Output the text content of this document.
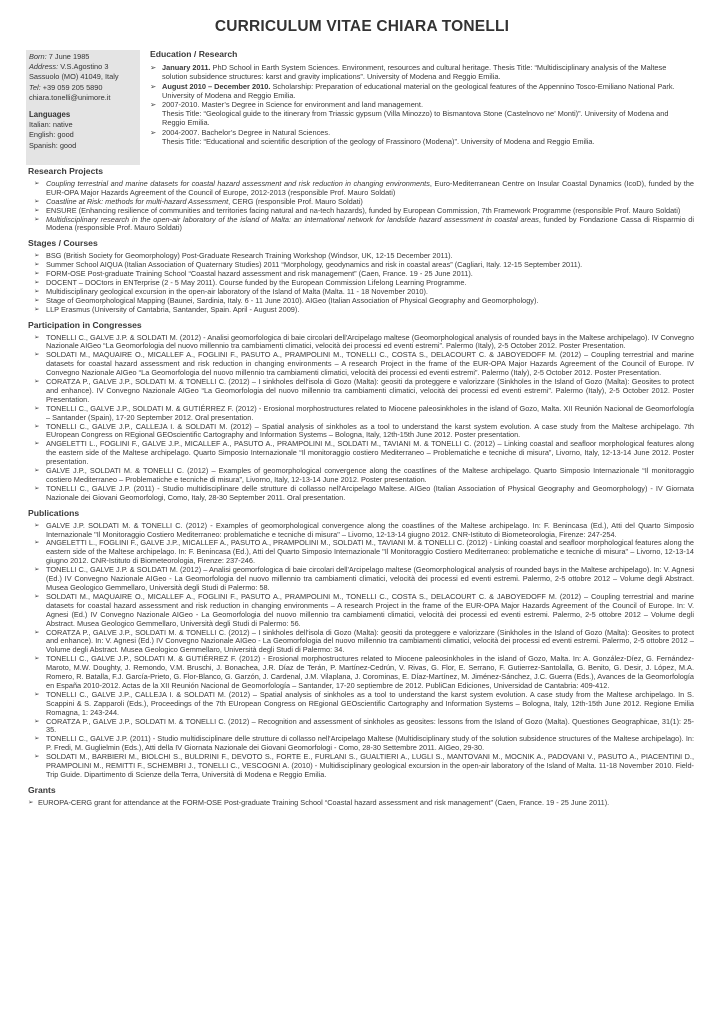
CURRICULUM VITAE CHIARA TONELLI
Born: 7 June 1985
Address: V.S.Agostino 3
Sassuolo (MO) 41049, Italy
Tel: +39 059 205 5890
chiara.tonelli@unimore.it
Languages
Italian: native
English: good
Spanish: good
Education / Research
➢ January 2011. PhD School in Earth System Sciences. Environment, resources and cultural heritage. Thesis Title: “Multidisciplinary analysis of the Maltese solution subsidence structures: karst and gravity implications”. University of Modena and Reggio Emilia.
➢ August 2010 – December 2010. Scholarship: Preparation of educational material on the geological features of the Appennino Tosco-Emiliano National Park. University of Modena and Reggio Emilia.
➢ 2007-2010. Master’s Degree in Science for environment and land management.
Thesis Title: “Geological guide to the itinerary from Triassic gypsum (Villa Minozzo) to Bismantova Stone (Castelnovo ne’ Monti)”. University of Modena and Reggio Emilia.
➢ 2004-2007. Bachelor’s Degree in Natural Sciences.
Thesis Title: “Educational and scientific description of the geology of Frassinoro (Modena)”. University of Modena and Reggio Emilia.
Research Projects
➢ Coupling terrestrial and marine datasets for coastal hazard assessment and risk reduction in changing environments, Euro-Mediterranean Centre on Insular Coastal Dynamics (IcoD), funded by the EUR-OPA Major Hazards Agreement of the Council of Europe, 2012-2013 (responsible Prof. Mauro Soldati)
➢ Coastline at Risk: methods for multi-hazard Assessment, CERG (responsible Prof. Mauro Soldati)
➢ ENSURE (Enhancing resilience of communities and territories facing natural and na-tech hazards), funded by European Commission, 7th Framework Programme (responsible Prof. Mauro Soldati)
➢ Multidisciplinary research in the open-air laboratory of the island of Malta: an international network for landslide hazard assessment in coastal areas, funded by Fondazione Cassa di Risparmio di Modena (responsible Prof. Mauro Soldati)
Stages / Courses
➢ BSG (British Society for Geomorphology) Post-Graduate Research Training Workshop (Windsor, UK, 12-15 December 2011).
➢ Summer School AIQUA (Italian Association of Quaternary Studies) 2011 “Morphology, geodynamics and risk in coastal areas” (Cagliari, Italy. 12-15 September 2011).
➢ FORM-OSE Post-graduate Training School “Coastal hazard assessment and risk management” (Caen, France. 19 - 25 June 2011).
➢ DOCENT – DOCtors in ENTerprise (2 - 5 May 2011). Course funded by the European Commission Lifelong Learning Programme.
➢ Multidisciplinary geological excursion in the open-air laboratory of the Island of Malta (Malta. 11 - 18 November 2010).
➢ Stage of Geomorphological Mapping (Baunei, Sardinia, Italy. 6 - 11 June 2010). AIGeo (Italian Association of Physical Geography and Geomorphology).
➢ LLP Erasmus (University of Cantabria, Santander, Spain. April - August 2009).
Participation in Congresses
➢ TONELLI C., GALVE J.P. & SOLDATI M. (2012) - Analisi geomorfologica di baie circolari dell'Arcipelago maltese (Geomorphological analysis of rounded bays in the Maltese archipelago). IV Convegno Nazionale AIGeo “La Geomorfologia del nuovo millennio tra cambiamenti climatici, velocità dei processi ed eventi estremi”. Palermo (Italy), 2-5 October 2012. Poster Presentation.
➢ SOLDATI M., MAQUAIRE O., MICALLEF A., FOGLINI F., PASUTO A., PRAMPOLINI M., TONELLI C., COSTA S., DELACOURT C. & JABOYEDOFF M. (2012) – Coupling terrestrial and marine datasets for coastal hazard assessment and risk reduction in changing environments – A research Project in the frame of the EUR-OPA Major Hazards Agreement of the Council of Europe. IV Convegno Nazionale AIGeo “La Geomorfologia del nuovo millennio tra cambiamenti climatici, velocità dei processi ed eventi estremi”. Palermo (Italy), 2-5 October 2012. Poster Presentation.
➢ CORATZA P., GALVE J.P., SOLDATI M. & TONELLI C. (2012) – I sinkholes dell'isola di Gozo (Malta): geositi da proteggere e valorizzare (Sinkholes in the Island of Gozo (Malta): Geosites to protect and enhance). IV Convegno Nazionale AIGeo “La Geomorfologia del nuovo millennio tra cambiamenti climatici, velocità dei processi ed eventi estremi”. Palermo (Italy), 2-5 October 2012. Poster Presentation.
➢ TONELLI C., GALVE J.P., SOLDATI M. & GUTIÉRREZ F. (2012) - Erosional morphostructures related to Miocene paleosinkholes in the island of Gozo, Malta. XII Reunión Nacional de Geomorfología – Santander (Spain), 17-20 September 2012. Oral presentation.
➢ TONELLI C., GALVE J.P., CALLEJA I. & SOLDATI M. (2012) – Spatial analysis of sinkholes as a tool to understand the karst system evolution. A case study from the Maltese archipelago. 7th EUropean Congress on REgional GEOscientific Cartography and Information Systems – Bologna, Italy, 12th-15th June 2012. Poster presentation.
➢ ANGELETTI L., FOGLINI F., GALVE J.P., MICALLEF A., PASUTO A., PRAMPOLINI M., SOLDATI M., TAVIANI M. & TONELLI C. (2012) – Linking coastal and seafloor morphological features along the eastern side of the Maltese archipelago. Quarto Simposio Internazionale “Il monitoraggio costiero Mediterraneo – Problematiche e tecniche di misura”, Livorno, Italy, 12-13-14 June 2012. Poster presentation.
➢ GALVE J.P., SOLDATI M. & TONELLI C. (2012) – Examples of geomorphological convergence along the coastlines of the Maltese archipelago. Quarto Simposio Internazionale “Il monitoraggio costiero Mediterraneo – Problematiche e tecniche di misura”, Livorno, Italy, 12-13-14 June 2012. Poster presentation.
➢ TONELLI C., GALVE J.P. (2011) - Studio multidisciplinare delle strutture di collasso nell'Arcipelago Maltese. AIGeo (Italian Association of Physical Geography and Geomorphology) - IV Giornata Nazionale dei Giovani Geomorfologi, Como, Italy, 28-30 September 2011. Oral presentation.
Publications
➢ GALVE J.P. SOLDATI M. & TONELLI C. (2012) - Examples of geomorphological convergence along the coastlines of the Maltese archipelago. In: F. Benincasa (Ed.), Atti del Quarto Simposio Internazionale "Il Monitoraggio Costiero Mediterraneo: problematiche e tecniche di misura" – Livorno, 12-13-14 giugno 2012. CNR-Istituto di Biometeorologia, Firenze: 247-254.
➢ ANGELETTI L., FOGLINI F., GALVE J.P., MICALLEF A., PASUTO A., PRAMPOLINI M., SOLDATI M., TAVIANI M. & TONELLI C. (2012) - Linking coastal and seafloor morphological features along the eastern side of the Maltese archipelago. In: F. Benincasa (Ed.), Atti del Quarto Simposio Internazionale "Il Monitoraggio Costiero Mediterraneo: problematiche e tecniche di misura" – Livorno, 12-13-14 giugno 2012. CNR-Istituto di Biometeorologia, Firenze: 237-246.
➢ TONELLI C., GALVE J.P. & SOLDATI M. (2012) – Analisi geomorfologica di baie circolari dell'Arcipelago maltese (Geomorphological analysis of rounded bays in the Maltese archipelago). In: V. Agnesi (Ed.) IV Convegno Nazionale AIGeo - La Geomorfologia del nuovo millennio tra cambiamenti climatici, velocità dei processi ed eventi estremi. Palermo, 2-5 ottobre 2012 – Volume degli Abstract. Musea Geologico Gemmellaro, Università degli Studi di Palermo: 58.
➢ SOLDATI M., MAQUAIRE O., MICALLEF A., FOGLINI F., PASUTO A., PRAMPOLINI M., TONELLI C., COSTA S., DELACOURT C. & JABOYEDOFF M. (2012) – Coupling terrestrial and marine datasets for coastal hazard assessment and risk reduction in changing environments – A research Project in the frame of the EUR-OPA Major Hazards Agreement of the Council of Europe. In: V. Agnesi (Ed.) IV Convegno Nazionale AIGeo - La Geomorfologia del nuovo millennio tra cambiamenti climatici, velocità dei processi ed eventi estremi. Palermo, 2-5 ottobre 2012 – Volume degli Abstract. Musea Geologico Gemmellaro, Università degli Studi di Palermo: 56.
➢ CORATZA P., GALVE J.P., SOLDATI M. & TONELLI C. (2012) – I sinkholes dell'isola di Gozo (Malta): geositi da proteggere e valorizzare (Sinkholes in the Island of Gozo (Malta): Geosites to protect and enhance). In: V. Agnesi (Ed.) IV Convegno Nazionale AIGeo - La Geomorfologia del nuovo millennio tra cambiamenti climatici, velocità dei processi ed eventi estremi. Palermo, 2-5 ottobre 2012 – Volume degli Abstract. Musea Geologico Gemmellaro, Università degli Studi di Palermo: 34.
➢ TONELLI C., GALVE J.P., SOLDATI M. & GUTIÉRREZ F. (2012) - Erosional morphostructures related to Miocene paleosinkholes in the island of Gozo, Malta. In: A. González-Díez, G. Fernández-Maroto, M.W. Doughty, J. Remondo, V.M. Bruschi, J. Bonachea, J.R. Díaz de Terán, P. Martínez-Cedrún, V. Rivas, G. Flor, E. Serrano, F. Gutierrez-Santolalla, G. Benito, G. Desir, J. López, M.A. Romero, R. Batalla, F.J. García-Prieto, G. Flor-Blanco, G. Garzón, J. Cardenal, J.M. Vilaplana, J. Corominas, E. Díaz-Martínez, M. Jiménez-Sánchez, J.C. Guerra (Eds.), Avances de la Geomorfología en España 2010-2012. Actas de la XII Reunión Nacional de Geomorfología – Santander, 17-20 septiembre de 2012. PubliCan Ediciones, Universidad de Cantabria: 409-412.
➢ TONELLI C., GALVE J.P., CALLEJA I. & SOLDATI M. (2012) – Spatial analysis of sinkholes as a tool to understand the karst system evolution. A case study from the Maltese archipelago. In S. Scappini & S. Zapparoli (Eds.), Proceedings of the 7th EUropean Congress on REgional GEOscientific Cartography and Information Systems – Bologna, Italy, 12th-15th June 2012. Regione Emilia Romagna, 1: 243-244.
➢ CORATZA P., GALVE J.P., SOLDATI M. & TONELLI C. (2012) – Recognition and assessment of sinkholes as geosites: lessons from the Island of Gozo (Malta). Questiones Geographicae, 31(1): 25-35.
➢ TONELLI C., GALVE J.P. (2011) - Studio multidisciplinare delle strutture di collasso nell'Arcipelago Maltese (Multidisciplinary study of the solution subsidence structures of the Maltese archipelago). In: P. Fredi, M. Guglielmin (Eds.), Atti della IV Giornata Nazionale dei Giovani Geomorfologi - Como, 28-30 Settembre 2011. AIGeo, 29-30.
➢ SOLDATI M., BARBIERI M., BIOLCHI S., BULDRINI F., DEVOTO S., FORTE E., FURLANI S., GUALTIERI A., LUGLI S., MANTOVANI M., MOCNIK A., PADOVANI V., PASUTO A., PIACENTINI D., PRAMPOLINI M., REMITTI F., SCHEMBRI J., TONELLI C., VESCOGNI A. (2010) - Multidisciplinary geological excursion in the open-air laboratory of the Island of Malta. 11-18 November 2010. Field-Trip Guide. Dipartimento di Scienze della Terra, Università di Modena e Reggio Emilia.
Grants
➢ EUROPA-CERG grant for attendance at the FORM-OSE Post-graduate Training School “Coastal hazard assessment and risk management” (Caen, France. 19 - 25 June 2011).
